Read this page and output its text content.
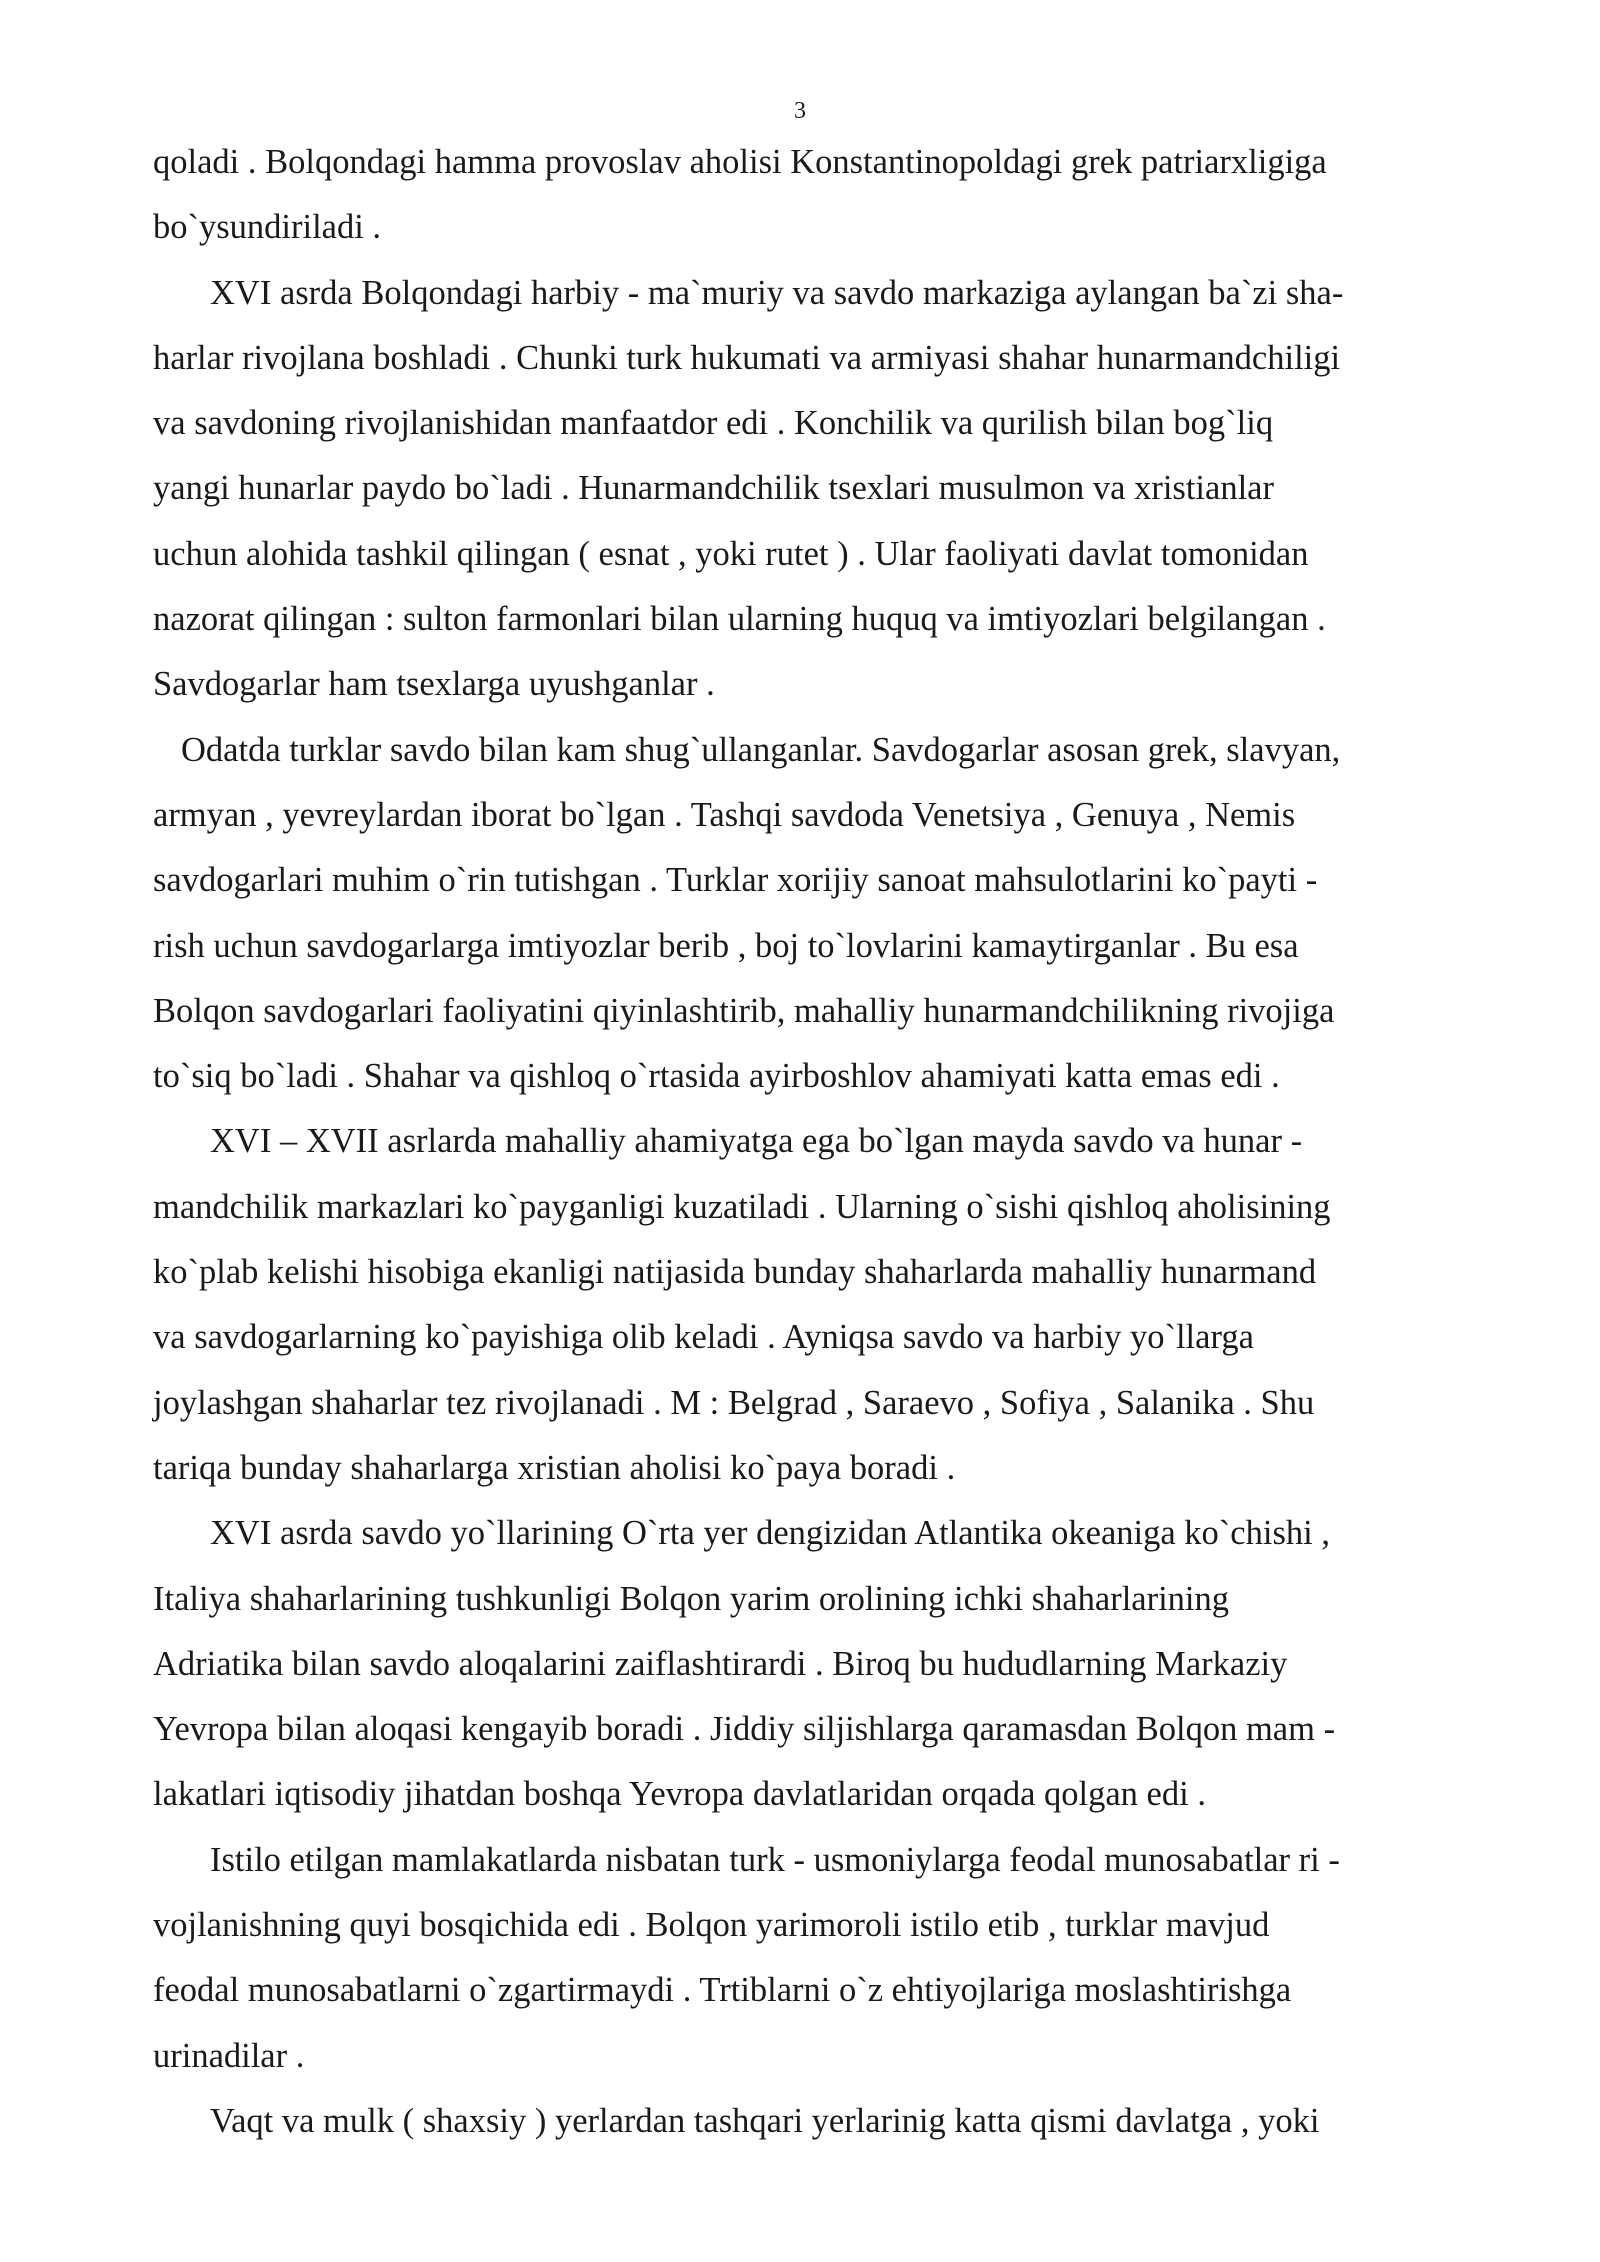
3
qoladi . Bolqondagi hamma provoslav aholisi Konstantinopoldagi grek patriarxligiga
bo`ysundiriladi .
XVI asrda Bolqondagi harbiy - ma`muriy va savdo markaziga aylangan ba`zi sha-
harlar rivojlana boshladi . Chunki turk hukumati va armiyasi shahar hunarmandchiligi
va savdoning rivojlanishidan manfaatdor edi . Konchilik va qurilish bilan bog`liq
yangi hunarlar paydo bo`ladi . Hunarmandchilik tsexlari musulmon va xristianlar
uchun alohida tashkil qilingan ( esnat , yoki rutet ) . Ular faoliyati davlat tomonidan
nazorat qilingan : sulton farmonlari bilan ularning huquq va imtiyozlari belgilangan .
Savdogarlar ham tsexlarga uyushganlar .
Odatda turklar savdo bilan kam shug`ullanganlar. Savdogarlar asosan grek, slavyan,
armyan , yevreylardan iborat bo`lgan . Tashqi savdoda Venetsiya , Genuya , Nemis
savdogarlari muhim o`rin tutishgan . Turklar xorijiy sanoat mahsulotlarini ko`payti -
rish uchun savdogarlarga imtiyozlar berib , boj to`lovlarini kamaytirganlar . Bu esa
Bolqon savdogarlari faoliyatini qiyinlashtirib, mahalliy hunarmandchilikning rivojiga
to`siq bo`ladi . Shahar va qishloq o`rtasida ayirboshlov ahamiyati katta emas edi .
XVI – XVII asrlarda mahalliy ahamiyatga ega bo`lgan mayda savdo va hunar -
mandchilik markazlari ko`payganligi kuzatiladi . Ularning o`sishi qishloq aholisining
ko`plab kelishi hisobiga ekanligi natijasida bunday shaharlarda mahalliy hunarmand
va savdogarlarning ko`payishiga olib keladi . Ayniqsa savdo va harbiy yo`llarga
joylashgan shaharlar tez rivojlanadi . M : Belgrad , Saraevo , Sofiya , Salanika . Shu
tariqa bunday shaharlarga xristian aholisi ko`paya boradi .
XVI asrda savdo yo`llarining O`rta yer dengizidan Atlantika okeaniga ko`chishi ,
Italiya shaharlarining tushkunligi Bolqon yarim orolining ichki shaharlarining
Adriatika bilan savdo aloqalarini zaiflashtirardi . Biroq bu hududlarning Markaziy
Yevropa bilan aloqasi kengayib boradi . Jiddiy siljishlarga qaramasdan Bolqon mam -
lakatlari iqtisodiy jihatdan boshqa Yevropa davlatlaridan orqada qolgan edi .
Istilo etilgan mamlakatlarda nisbatan turk - usmoniylarga feodal munosabatlar ri -
vojlanishning quyi bosqichida edi . Bolqon yarimoroli istilo etib , turklar mavjud
feodal munosabatlarni o`zgartirmaydi . Trtiblarni o`z ehtiyojlariga moslashtirishga
urinadilar .
Vaqt va mulk ( shaxsiy ) yerlardan tashqari yerlarinig katta qismi davlatga , yoki
